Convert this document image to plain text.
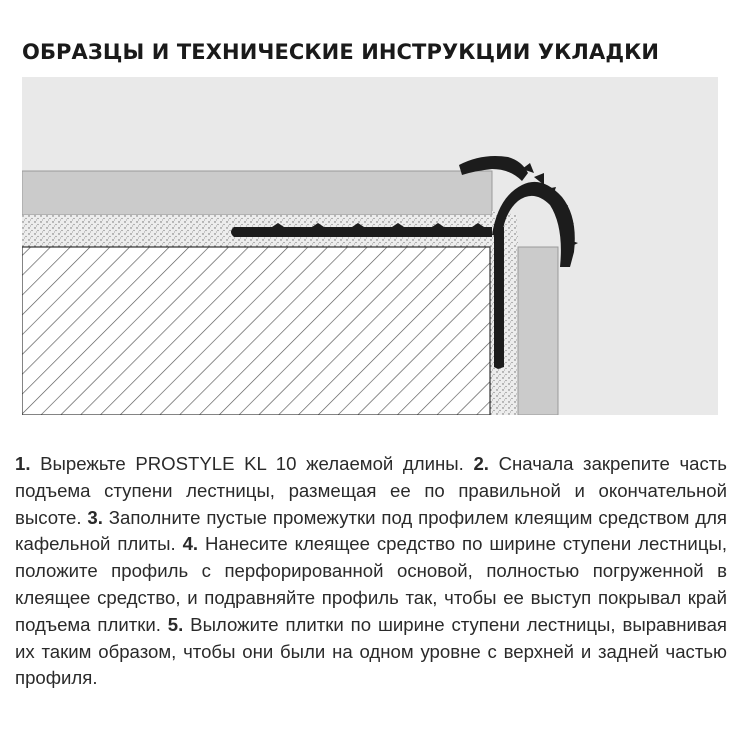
ОБРАЗЦЫ И ТЕХНИЧЕСКИЕ ИНСТРУКЦИИ УКЛАДКИ

1. Вырежьте PROSTYLE KL 10 желаемой длины. 2. Сначала закрепите часть подъема ступени лестницы, размещая ее по правильной и окончательной высоте. 3. Заполните пустые промежутки под профилем клеящим средством для кафельной плиты. 4. Нанесите клеящее средство по ширине ступени лестницы, положите профиль с перфорированной основой, полностью погруженной в клеящее средство, и подравняйте профиль так, чтобы ее выступ покрывал край подъема плитки. 5. Выложите плитки по ширине ступени лестницы, выравнивая их таким образом, чтобы они были на одном уровне с верхней и задней частью профиля.
